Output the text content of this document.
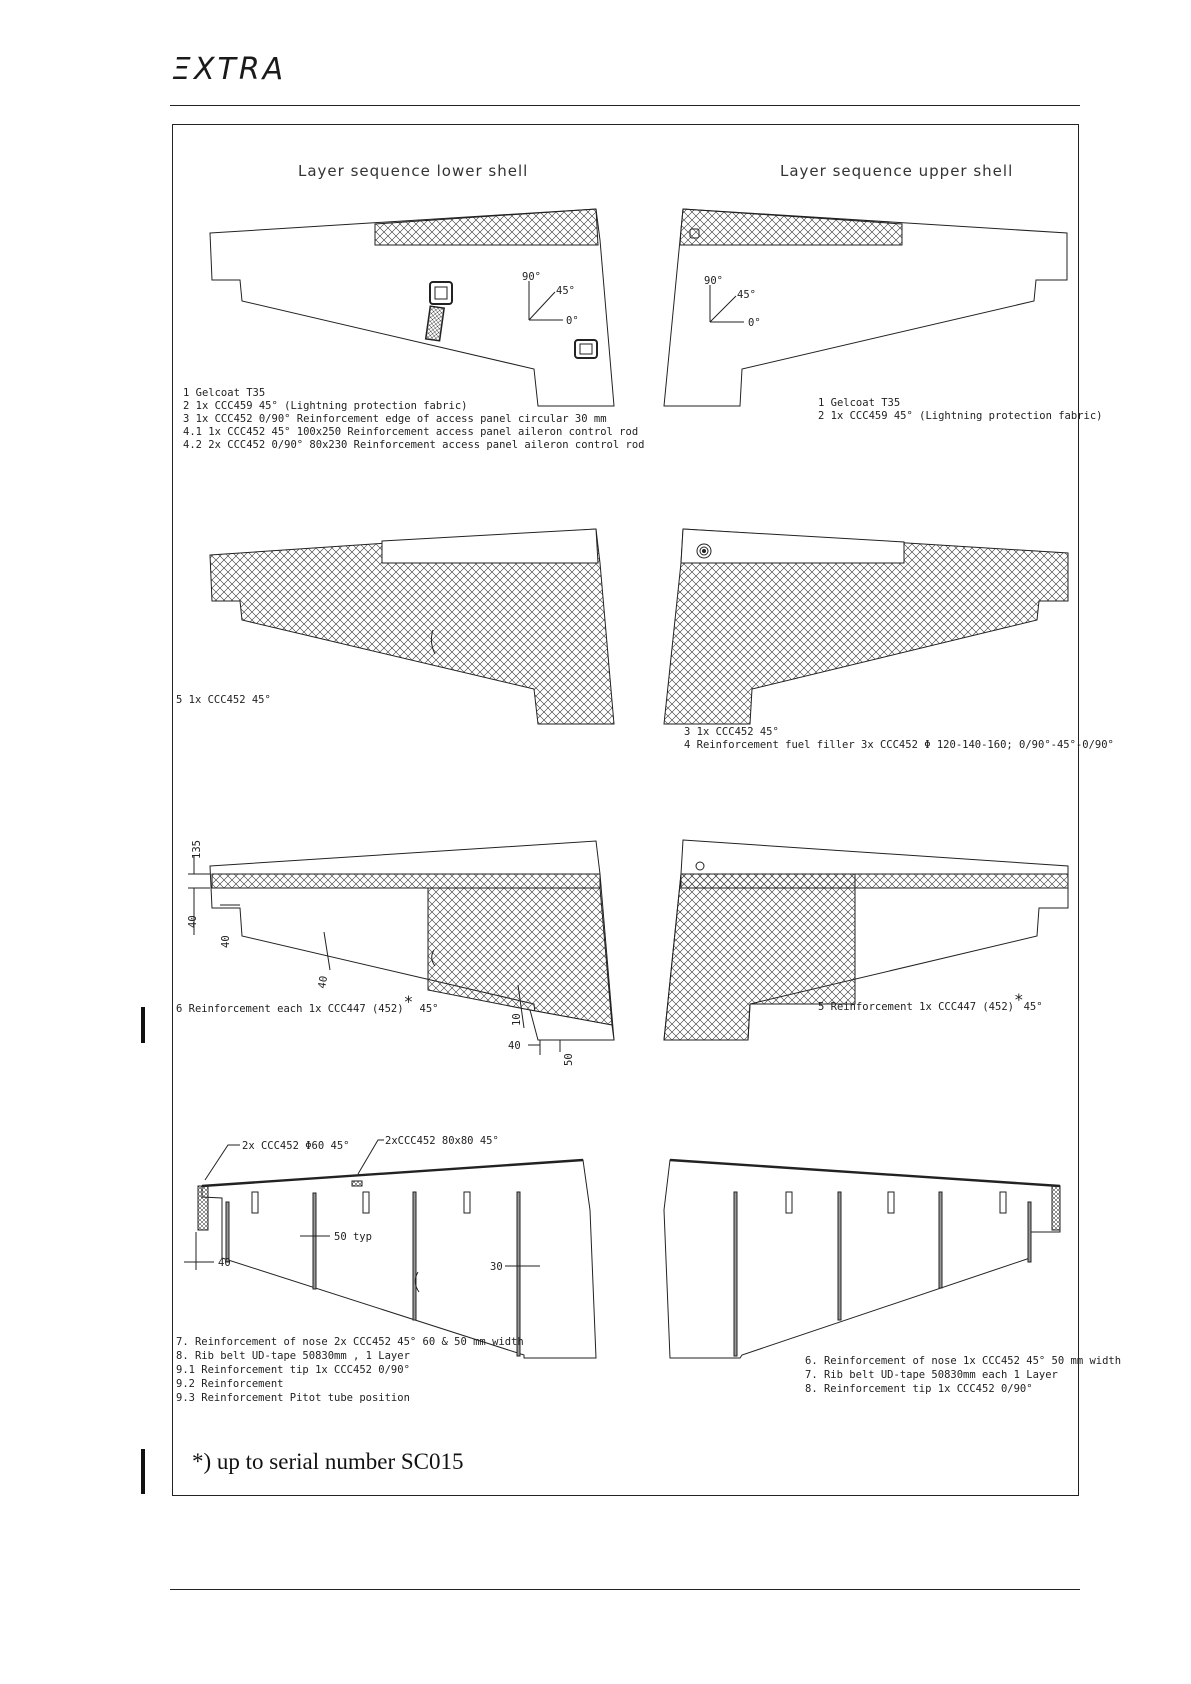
ΞXTRA
Layer sequence lower shell	Layer sequence upper shell
90°
45°
0°
90°
45°
0°
1 Gelcoat T35
2 1x CCC459 45° (Lightning protection fabric)
3 1x CCC452 0/90° Reinforcement edge of access panel circular 30 mm
4.1 1x CCC452 45° 100x250 Reinforcement access panel aileron control rod
4.2 2x CCC452 0/90° 80x230 Reinforcement access panel aileron control rod
1 Gelcoat T35
2 1x CCC459 45° (Lightning protection fabric)
5 1x CCC452 45°
3 1x CCC452 45°
4 Reinforcement fuel filler 3x CCC452 Φ 120-140-160; 0/90°-45°-0/90°
135
40
40
40
10
40
50
6 Reinforcement each 1x CCC447 (452)* 45°	5 Reinforcement 1x CCC447 (452)*45°
40
50 typ
30
2x CCC452 Φ60 45°	2xCCC452 80x80 45°
7. Reinforcement of nose 2x CCC452 45° 60 & 50 mm width
8. Rib belt UD-tape 50830mm , 1 Layer
9.1 Reinforcement tip 1x CCC452 0/90°
9.2 Reinforcement
9.3 Reinforcement Pitot tube position
6. Reinforcement of nose 1x CCC452 45° 50 mm width
7. Rib belt UD-tape 50830mm each 1 Layer
8. Reinforcement tip 1x CCC452 0/90°
*) up to serial number SC015
